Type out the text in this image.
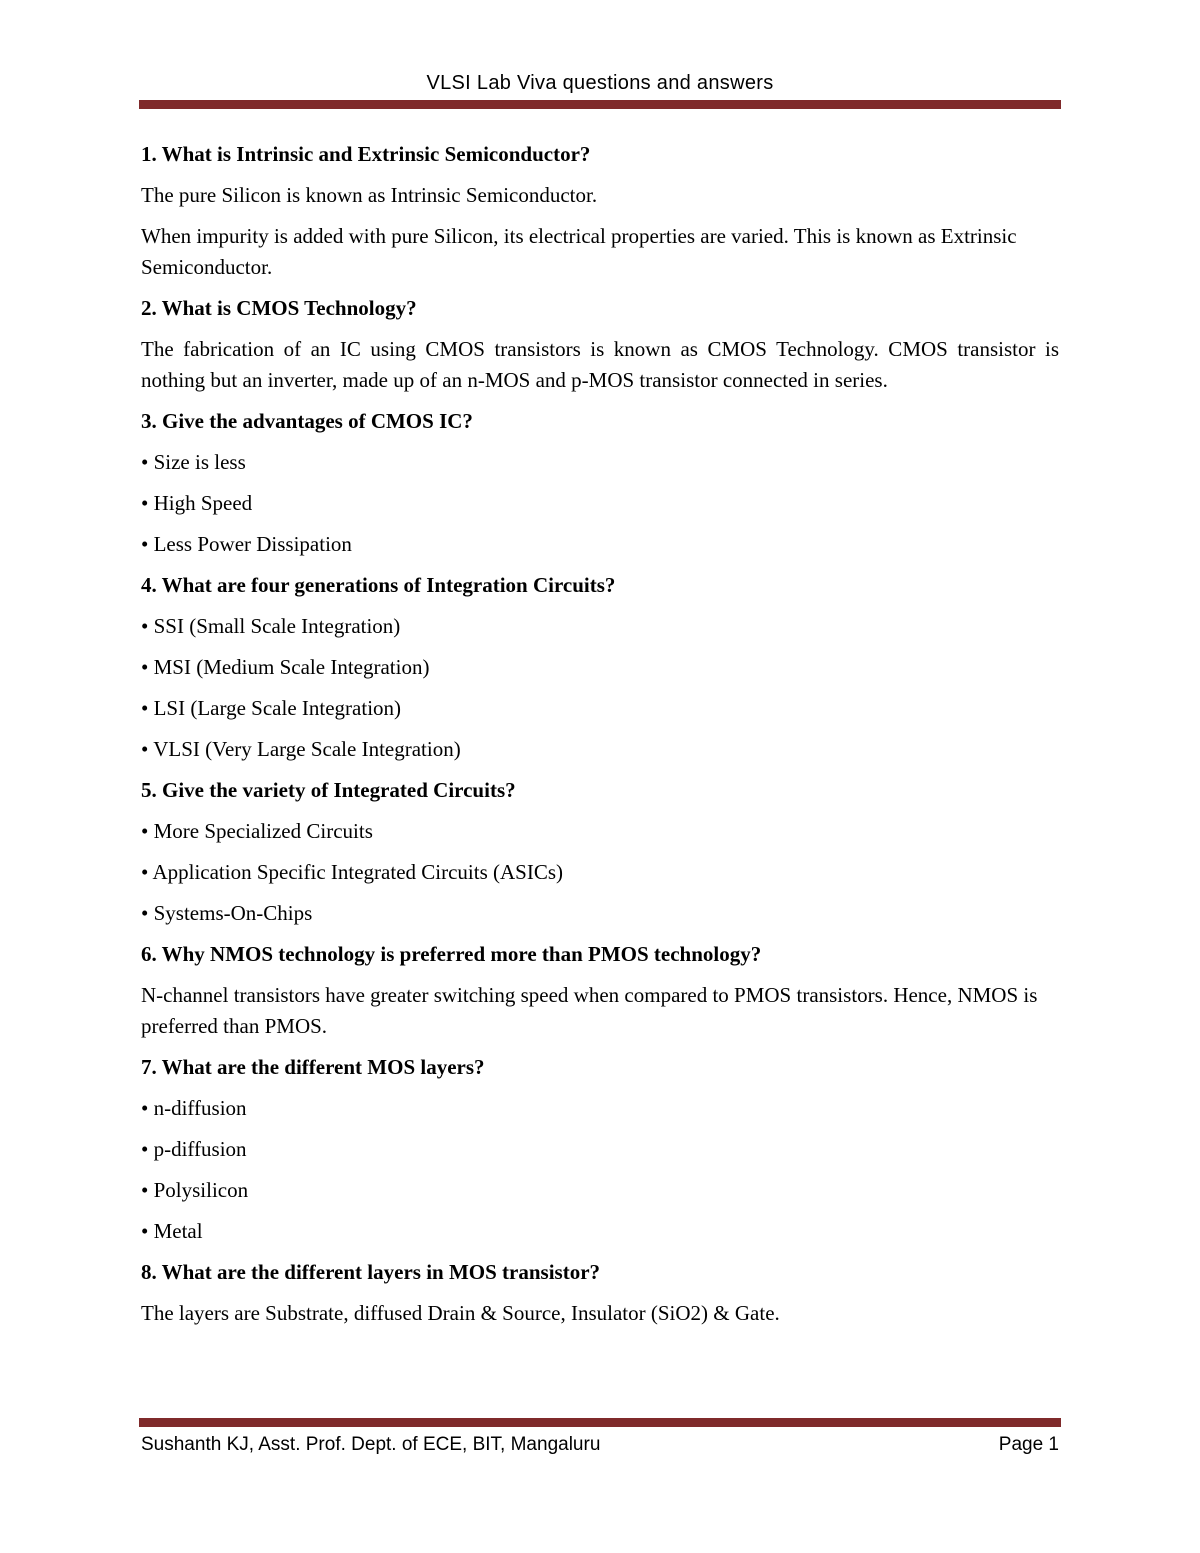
VLSI Lab Viva questions and answers

1. What is Intrinsic and Extrinsic Semiconductor?

The pure Silicon is known as Intrinsic Semiconductor.

When impurity is added with pure Silicon, its electrical properties are varied. This is known as Extrinsic Semiconductor.

2. What is CMOS Technology?

The fabrication of an IC using CMOS transistors is known as CMOS Technology. CMOS transistor is nothing but an inverter, made up of an n-MOS and p-MOS transistor connected in series.

3. Give the advantages of CMOS IC?

• Size is less

• High Speed

• Less Power Dissipation

4. What are four generations of Integration Circuits?

• SSI (Small Scale Integration)

• MSI (Medium Scale Integration)

• LSI (Large Scale Integration)

• VLSI (Very Large Scale Integration)

5. Give the variety of Integrated Circuits?

• More Specialized Circuits

• Application Specific Integrated Circuits (ASICs)

• Systems-On-Chips

6. Why NMOS technology is preferred more than PMOS technology?

N-channel transistors have greater switching speed when compared to PMOS transistors. Hence, NMOS is preferred than PMOS.

7. What are the different MOS layers?

• n-diffusion

• p-diffusion

• Polysilicon

• Metal

8. What are the different layers in MOS transistor?

The layers are Substrate, diffused Drain & Source, Insulator (SiO2) & Gate.

Sushanth KJ, Asst. Prof. Dept. of ECE, BIT, Mangaluru	Page 1
